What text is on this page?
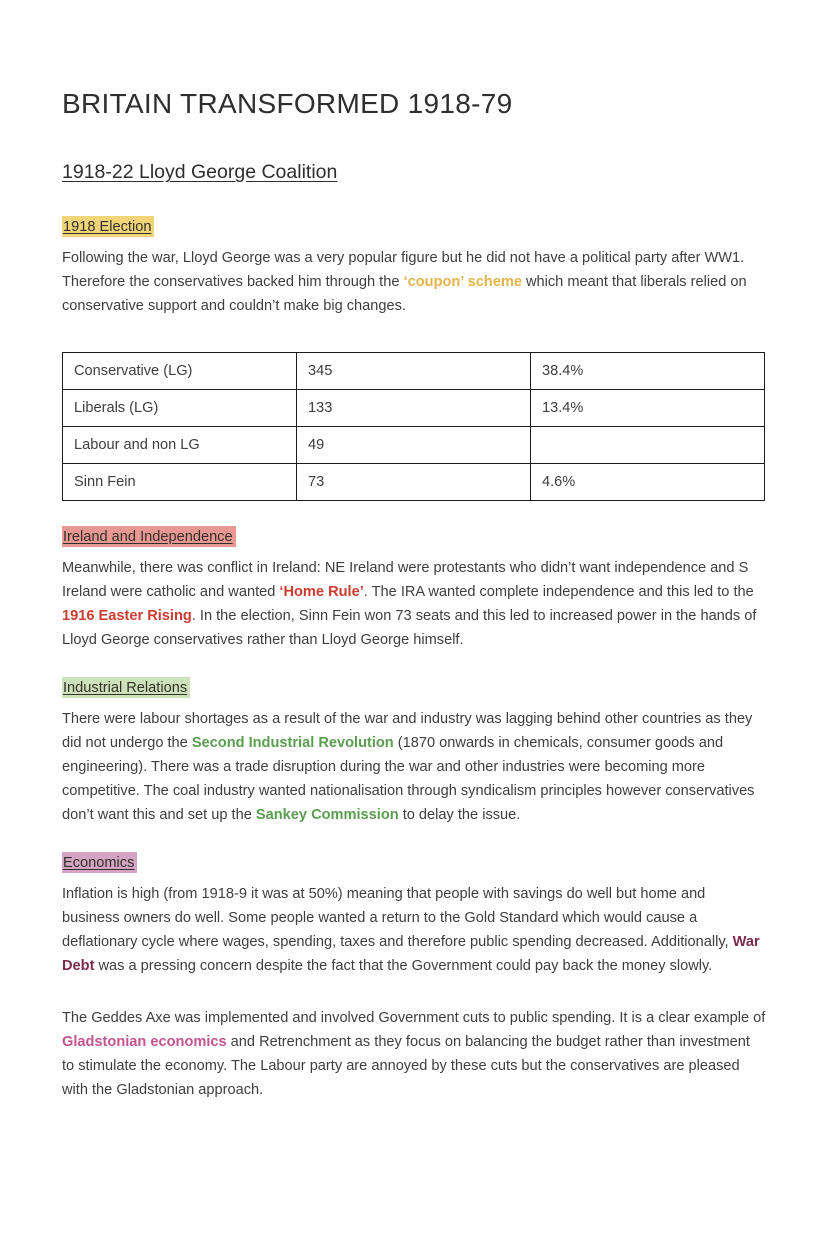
BRITAIN TRANSFORMED 1918-79
1918-22 Lloyd George Coalition
1918 Election

Following the war, Lloyd George was a very popular figure but he did not have a political party after WW1. Therefore the conservatives backed him through the ‘coupon’ scheme which meant that liberals relied on conservative support and couldn’t make big changes.

Conservative (LG)	345	38.4%
Liberals (LG)	133	13.4%
Labour and non LG	49	
Sinn Fein	73	4.6%
Ireland and Independence

Meanwhile, there was conflict in Ireland: NE Ireland were protestants who didn’t want independence and S Ireland were catholic and wanted ‘Home Rule’. The IRA wanted complete independence and this led to the 1916 Easter Rising. In the election, Sinn Fein won 73 seats and this led to increased power in the hands of Lloyd George conservatives rather than Lloyd George himself.

Industrial Relations

There were labour shortages as a result of the war and industry was lagging behind other countries as they did not undergo the Second Industrial Revolution (1870 onwards in chemicals, consumer goods and engineering). There was a trade disruption during the war and other industries were becoming more competitive. The coal industry wanted nationalisation through syndicalism principles however conservatives don’t want this and set up the Sankey Commission to delay the issue.

Economics

Inflation is high (from 1918-9 it was at 50%) meaning that people with savings do well but home and business owners do well. Some people wanted a return to the Gold Standard which would cause a deflationary cycle where wages, spending, taxes and therefore public spending decreased. Additionally, War Debt was a pressing concern despite the fact that the Government could pay back the money slowly.

The Geddes Axe was implemented and involved Government cuts to public spending. It is a clear example of Gladstonian economics and Retrenchment as they focus on balancing the budget rather than investment to stimulate the economy. The Labour party are annoyed by these cuts but the conservatives are pleased with the Gladstonian approach.
